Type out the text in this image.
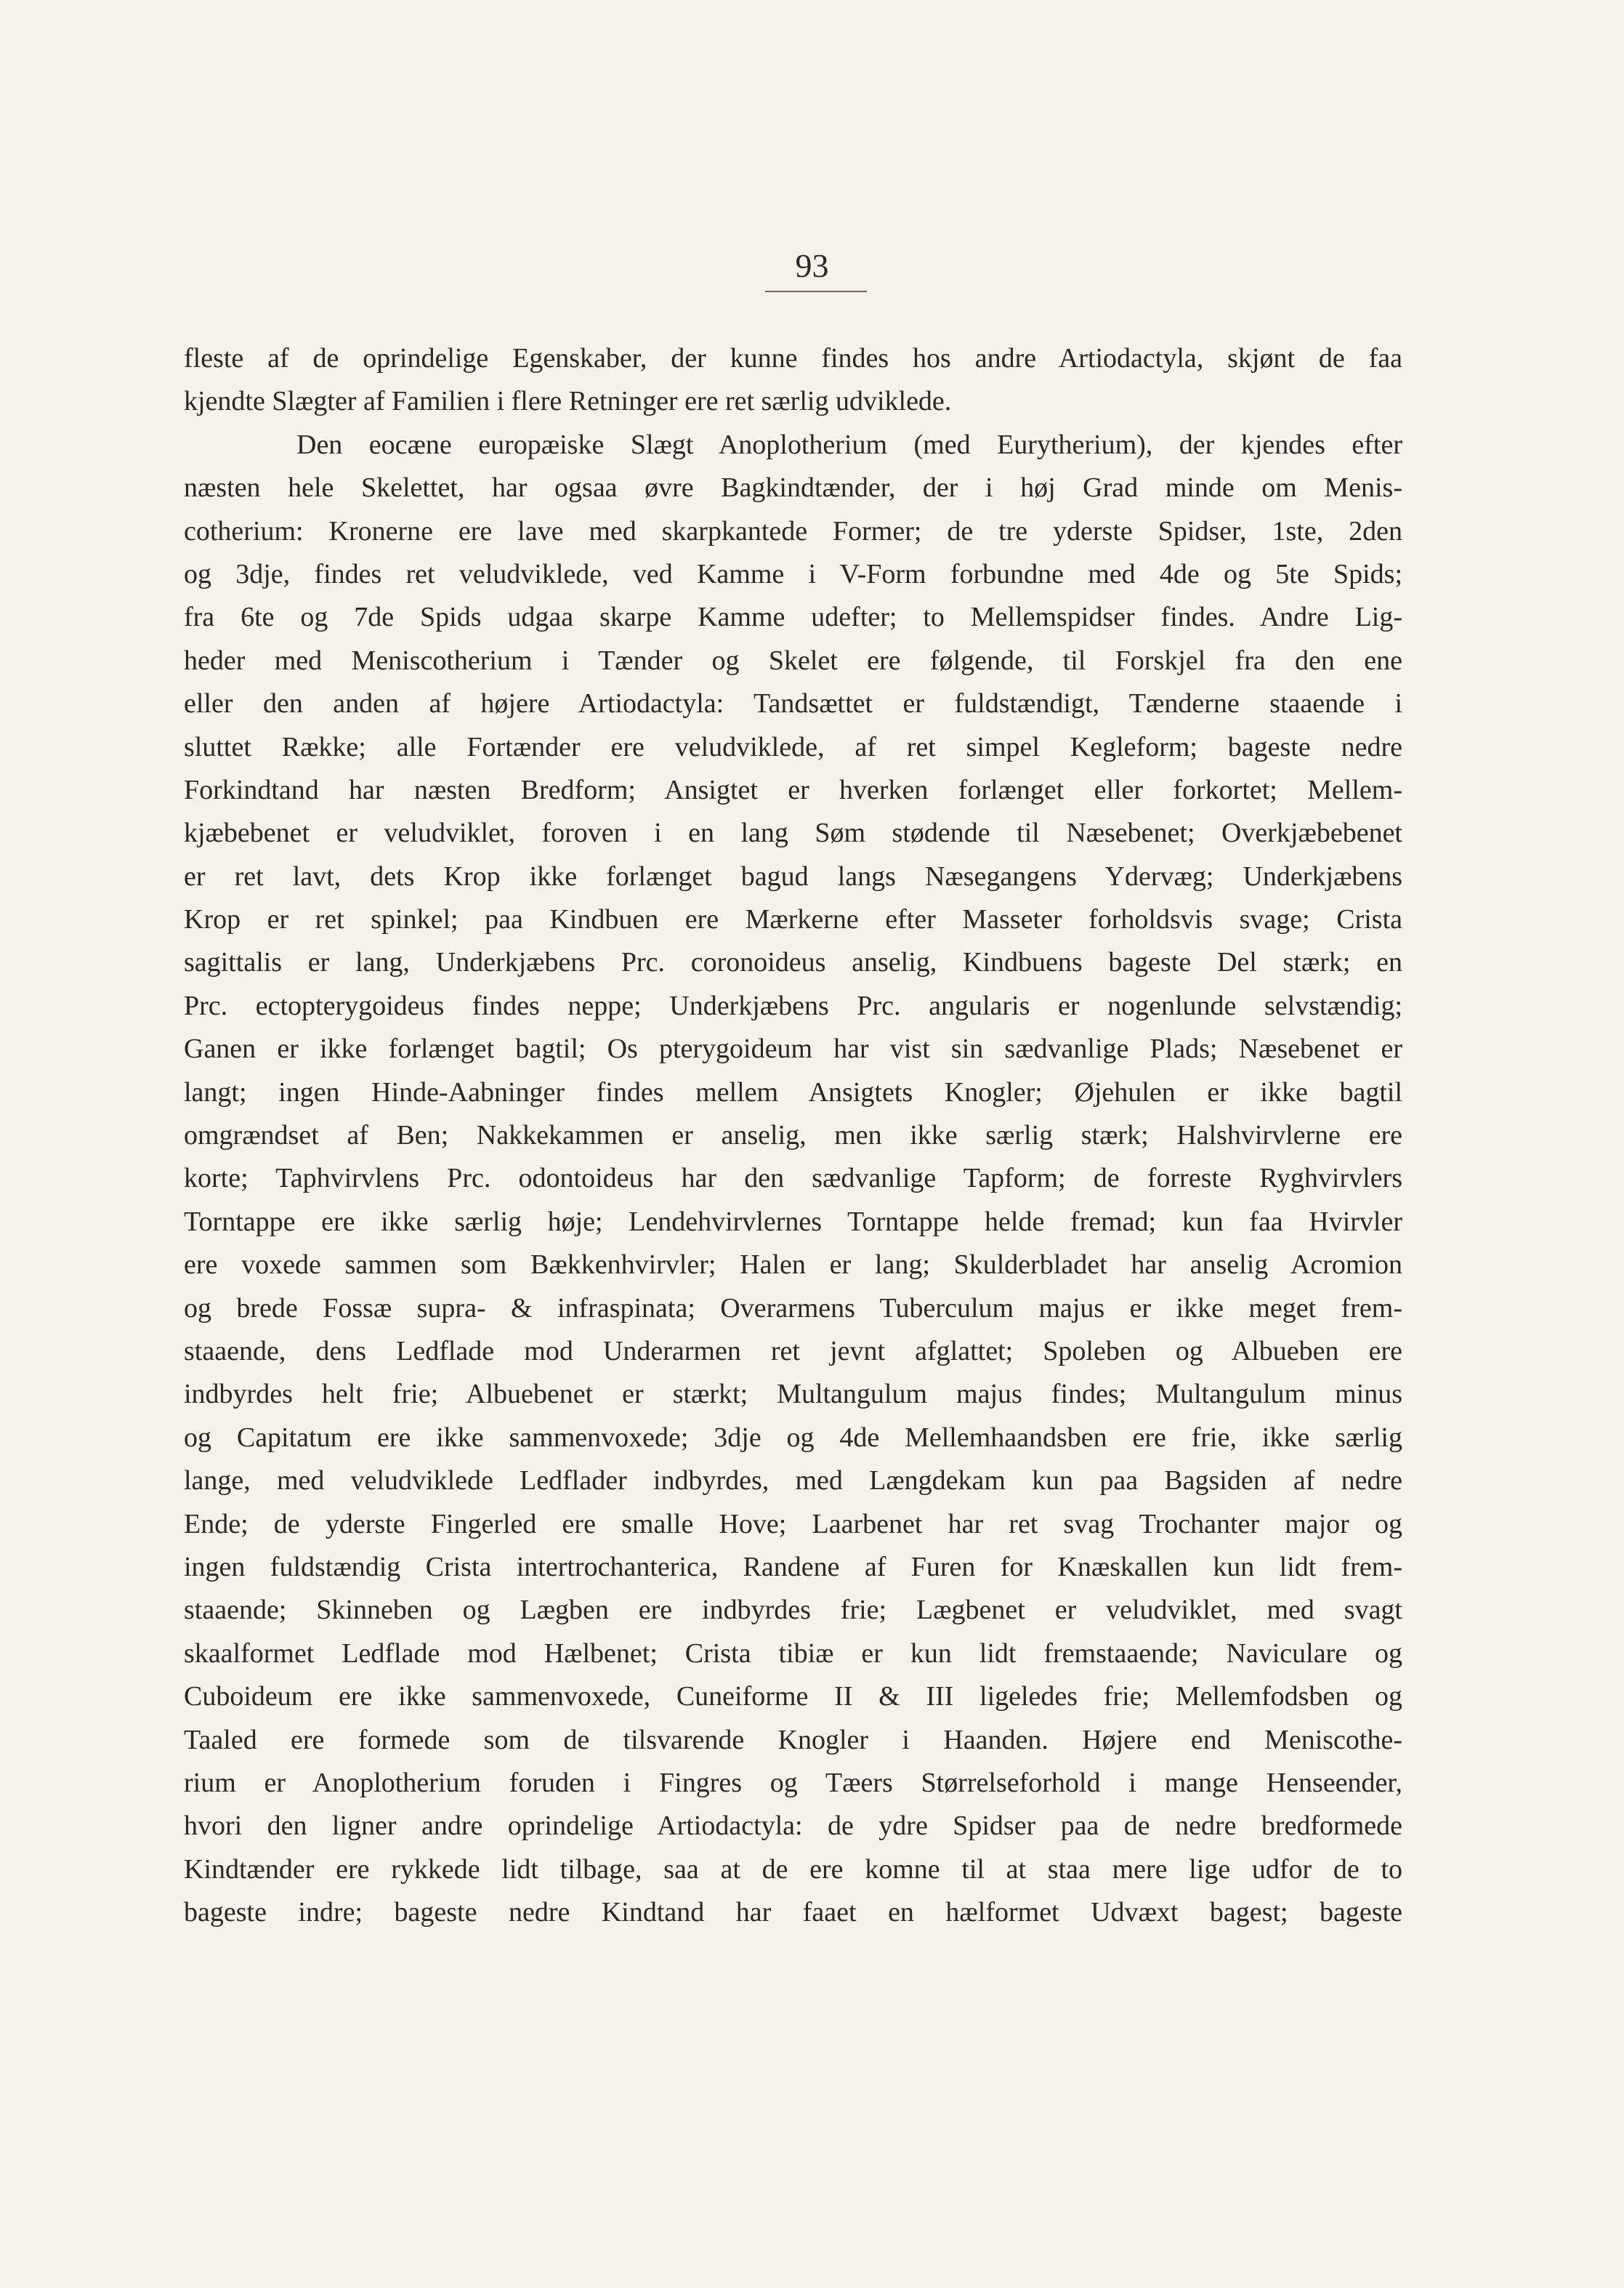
93
fleste af de oprindelige Egenskaber, der kunne findes hos andre Artiodactyla, skjønt de faa
kjendte Slægter af Familien i flere Retninger ere ret særlig udviklede.
Den eocæne europæiske Slægt Anoplotherium (med Eurytherium), der kjendes efter
næsten hele Skelettet, har ogsaa øvre Bagkindtænder, der i høj Grad minde om Menis-
cotherium: Kronerne ere lave med skarpkantede Former; de tre yderste Spidser, 1ste, 2den
og 3dje, findes ret veludviklede, ved Kamme i V-Form forbundne med 4de og 5te Spids;
fra 6te og 7de Spids udgaa skarpe Kamme udefter; to Mellemspidser findes. Andre Lig-
heder med Meniscotherium i Tænder og Skelet ere følgende, til Forskjel fra den ene
eller den anden af højere Artiodactyla: Tandsættet er fuldstændigt, Tænderne staaende i
sluttet Række; alle Fortænder ere veludviklede, af ret simpel Kegleform; bageste nedre
Forkindtand har næsten Bredform; Ansigtet er hverken forlænget eller forkortet; Mellem-
kjæbebenet er veludviklet, foroven i en lang Søm stødende til Næsebenet; Overkjæbebenet
er ret lavt, dets Krop ikke forlænget bagud langs Næsegangens Ydervæg; Underkjæbens
Krop er ret spinkel; paa Kindbuen ere Mærkerne efter Masseter forholdsvis svage; Crista
sagittalis er lang, Underkjæbens Prc. coronoideus anselig, Kindbuens bageste Del stærk; en
Prc. ectopterygoideus findes neppe; Underkjæbens Prc. angularis er nogenlunde selvstændig;
Ganen er ikke forlænget bagtil; Os pterygoideum har vist sin sædvanlige Plads; Næsebenet er
langt; ingen Hinde-Aabninger findes mellem Ansigtets Knogler; Øjehulen er ikke bagtil
omgrændset af Ben; Nakkekammen er anselig, men ikke særlig stærk; Halshvirvlerne ere
korte; Taphvirvlens Prc. odontoideus har den sædvanlige Tapform; de forreste Ryghvirvlers
Torntappe ere ikke særlig høje; Lendehvirvlernes Torntappe helde fremad; kun faa Hvirvler
ere voxede sammen som Bækkenhvirvler; Halen er lang; Skulderbladet har anselig Acromion
og brede Fossæ supra- & infraspinata; Overarmens Tuberculum majus er ikke meget frem-
staaende, dens Ledflade mod Underarmen ret jevnt afglattet; Spoleben og Albueben ere
indbyrdes helt frie; Albuebenet er stærkt; Multangulum majus findes; Multangulum minus
og Capitatum ere ikke sammenvoxede; 3dje og 4de Mellemhaandsben ere frie, ikke særlig
lange, med veludviklede Ledflader indbyrdes, med Længdekam kun paa Bagsiden af nedre
Ende; de yderste Fingerled ere smalle Hove; Laarbenet har ret svag Trochanter major og
ingen fuldstændig Crista intertrochanterica, Randene af Furen for Knæskallen kun lidt frem-
staaende; Skinneben og Lægben ere indbyrdes frie; Lægbenet er veludviklet, med svagt
skaalformet Ledflade mod Hælbenet; Crista tibiæ er kun lidt fremstaaende; Naviculare og
Cuboideum ere ikke sammenvoxede, Cuneiforme II & III ligeledes frie; Mellemfodsben og
Taaled ere formede som de tilsvarende Knogler i Haanden. Højere end Meniscothe-
rium er Anoplotherium foruden i Fingres og Tæers Størrelseforhold i mange Henseender,
hvori den ligner andre oprindelige Artiodactyla: de ydre Spidser paa de nedre bredformede
Kindtænder ere rykkede lidt tilbage, saa at de ere komne til at staa mere lige udfor de to
bageste indre; bageste nedre Kindtand har faaet en hælformet Udvæxt bagest; bageste
